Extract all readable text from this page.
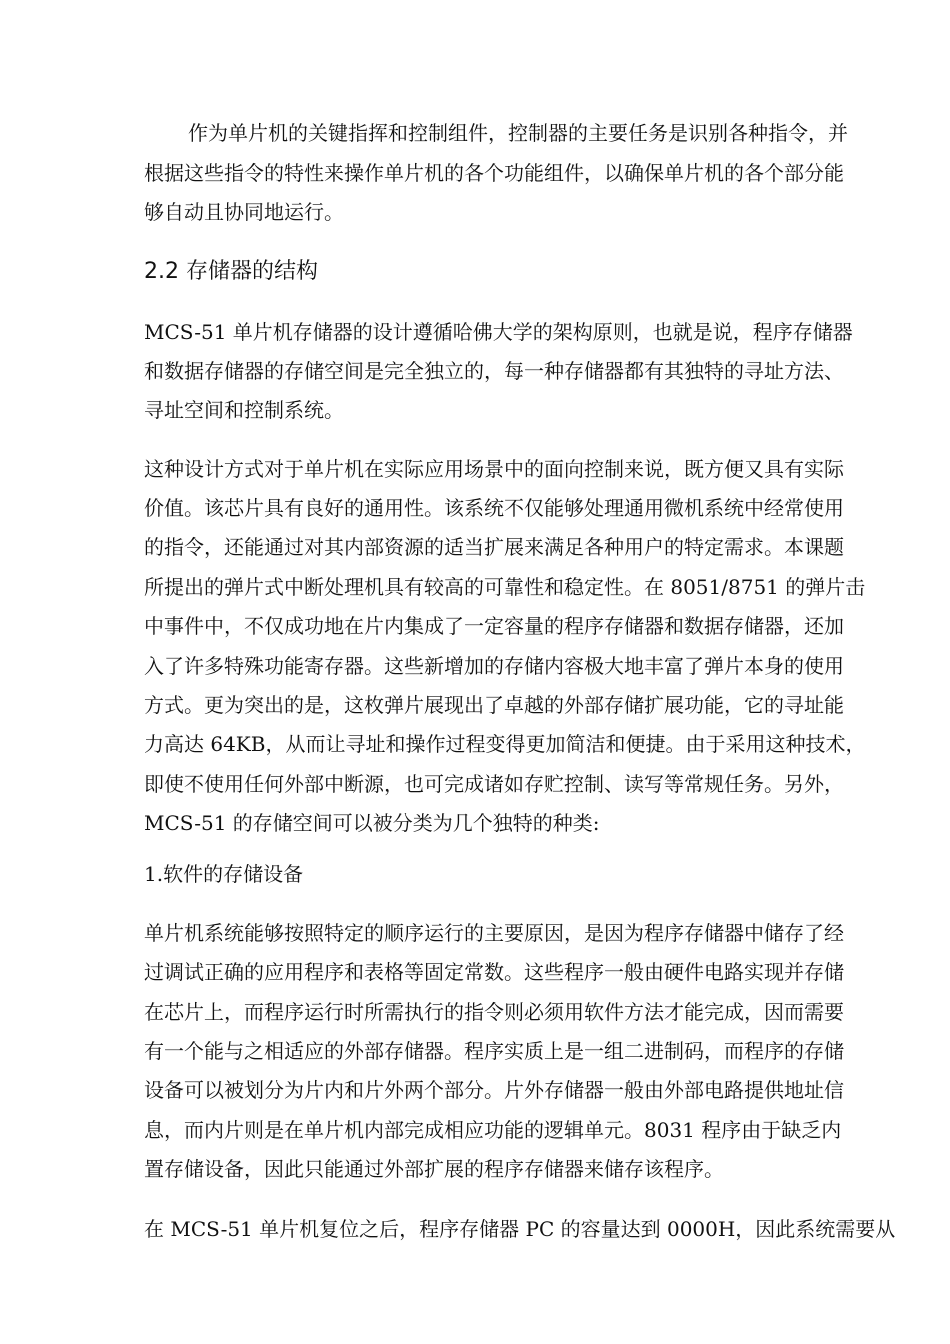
作为单片机的关键指挥和控制组件，控制器的主要任务是识别各种指令，并
根据这些指令的特性来操作单片机的各个功能组件，以确保单片机的各个部分能
够自动且协同地运行。
2.2 存储器的结构
MCS-51 单片机存储器的设计遵循哈佛大学的架构原则，也就是说，程序存储器
和数据存储器的存储空间是完全独立的，每一种存储器都有其独特的寻址方法、
寻址空间和控制系统。
这种设计方式对于单片机在实际应用场景中的面向控制来说，既方便又具有实际
价值。该芯片具有良好的通用性。该系统不仅能够处理通用微机系统中经常使用
的指令，还能通过对其内部资源的适当扩展来满足各种用户的特定需求。本课题
所提出的弹片式中断处理机具有较高的可靠性和稳定性。在 8051/8751 的弹片击
中事件中，不仅成功地在片内集成了一定容量的程序存储器和数据存储器，还加
入了许多特殊功能寄存器。这些新增加的存储内容极大地丰富了弹片本身的使用
方式。更为突出的是，这枚弹片展现出了卓越的外部存储扩展功能，它的寻址能
力高达 64KB，从而让寻址和操作过程变得更加简洁和便捷。由于采用这种技术，
即使不使用任何外部中断源，也可完成诸如存贮控制、读写等常规任务。另外，
MCS-51 的存储空间可以被分类为几个独特的种类:
1.软件的存储设备
单片机系统能够按照特定的顺序运行的主要原因，是因为程序存储器中储存了经
过调试正确的应用程序和表格等固定常数。这些程序一般由硬件电路实现并存储
在芯片上，而程序运行时所需执行的指令则必须用软件方法才能完成，因而需要
有一个能与之相适应的外部存储器。程序实质上是一组二进制码，而程序的存储
设备可以被划分为片内和片外两个部分。片外存储器一般由外部电路提供地址信
息，而内片则是在单片机内部完成相应功能的逻辑单元。8031 程序由于缺乏内
置存储设备，因此只能通过外部扩展的程序存储器来储存该程序。
在 MCS-51 单片机复位之后，程序存储器 PC 的容量达到 0000H，因此系统需要从
